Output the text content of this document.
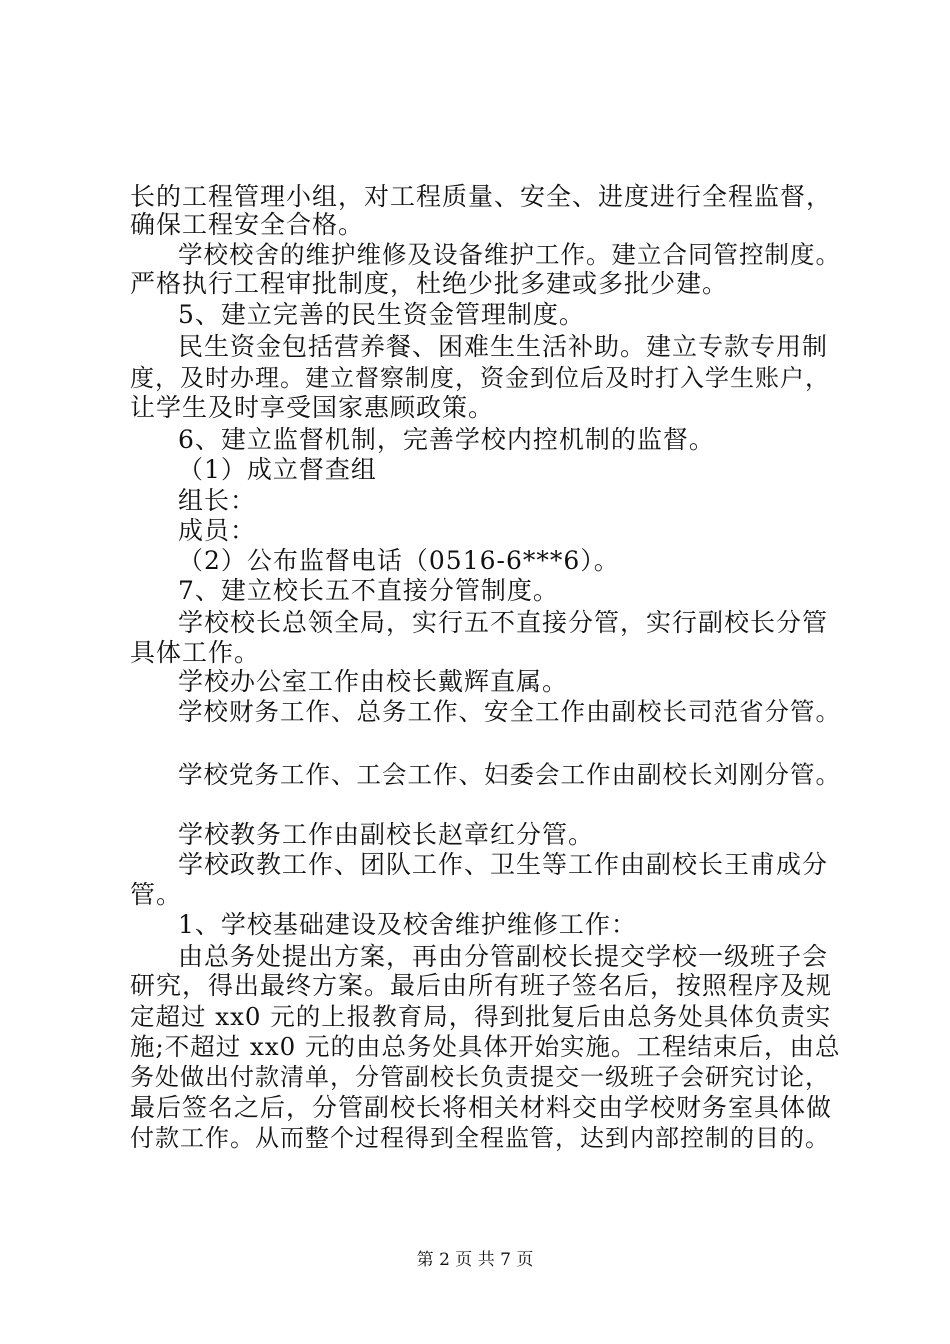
长的工程管理小组，对工程质量、安全、进度进行全程监督，
确保工程安全合格。
学校校舍的维护维修及设备维护工作。建立合同管控制度。
严格执行工程审批制度，杜绝少批多建或多批少建。
5、建立完善的民生资金管理制度。
民生资金包括营养餐、困难生生活补助。建立专款专用制
度，及时办理。建立督察制度，资金到位后及时打入学生账户，
让学生及时享受国家惠顾政策。
6、建立监督机制，完善学校内控机制的监督。
（1）成立督查组
组长：
成员：
（2）公布监督电话（0516-6***6）。
7、建立校长五不直接分管制度。
学校校长总领全局，实行五不直接分管，实行副校长分管
具体工作。
学校办公室工作由校长戴辉直属。
学校财务工作、总务工作、安全工作由副校长司范省分管。
学校党务工作、工会工作、妇委会工作由副校长刘刚分管。
学校教务工作由副校长赵章红分管。
学校政教工作、团队工作、卫生等工作由副校长王甫成分
管。
1、学校基础建设及校舍维护维修工作：
由总务处提出方案，再由分管副校长提交学校一级班子会
研究，得出最终方案。最后由所有班子签名后，按照程序及规
定超过 xx0 元的上报教育局，得到批复后由总务处具体负责实
施;不超过 xx0 元的由总务处具体开始实施。工程结束后，由总
务处做出付款清单，分管副校长负责提交一级班子会研究讨论，
最后签名之后，分管副校长将相关材料交由学校财务室具体做
付款工作。从而整个过程得到全程监管，达到内部控制的目的。
第 2 页 共 7 页
